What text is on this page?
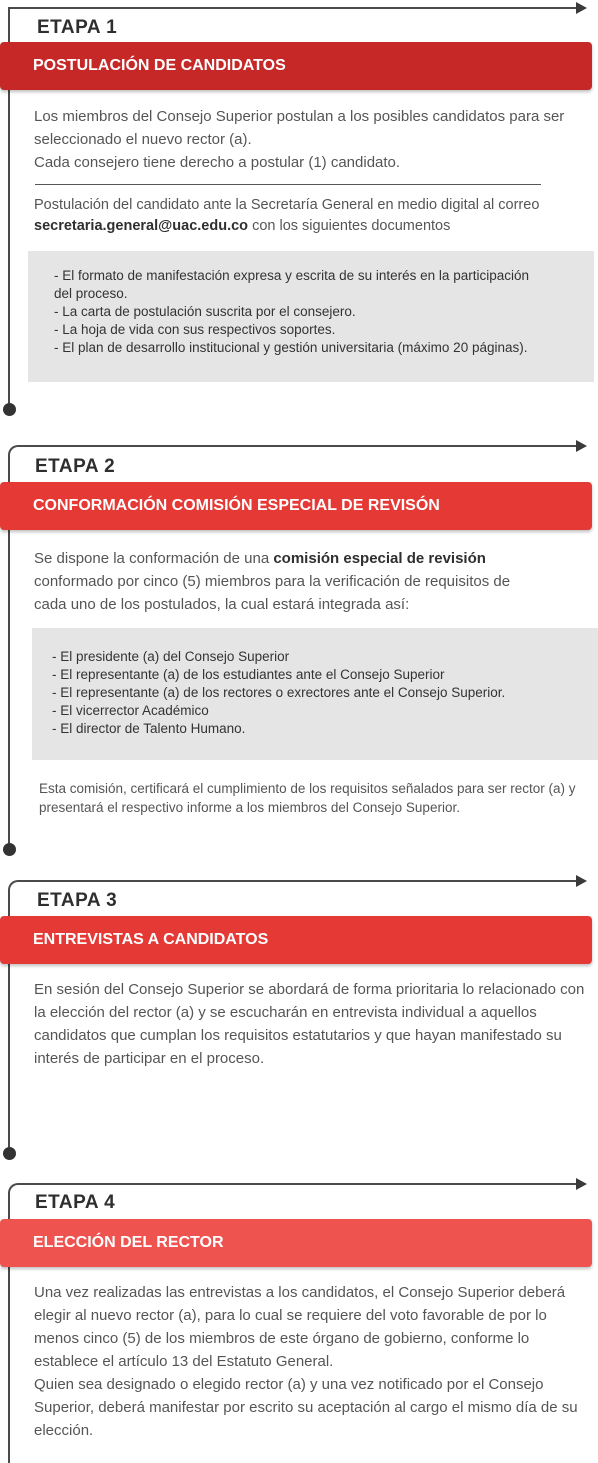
ETAPA 1
POSTULACIÓN DE CANDIDATOS

Los miembros del Consejo Superior postulan a los posibles candidatos para ser seleccionado el nuevo rector (a).

Cada consejero tiene derecho a postular (1) candidato.

Postulación del candidato ante la Secretaría General en medio digital al correo secretaria.general@uac.edu.co con los siguientes documentos
- El formato de manifestación expresa y escrita de su interés en la participación
del proceso.
- La carta de postulación suscrita por el consejero.
- La hoja de vida con sus respectivos soportes.
- El plan de desarrollo institucional y gestión universitaria (máximo 20 páginas).
ETAPA 2
CONFORMACIÓN COMISIÓN ESPECIAL DE REVISÓN
Se dispone la conformación de una comisión especial de revisión conformado por cinco (5) miembros para la verificación de requisitos de cada uno de los postulados, la cual estará integrada así:
- El presidente (a) del Consejo Superior
- El representante (a) de los estudiantes ante el Consejo Superior
- El representante (a) de los rectores o exrectores ante el Consejo Superior.
- El vicerrector Académico
- El director de Talento Humano.
Esta comisión, certificará el cumplimiento de los requisitos señalados para ser rector (a) y presentará el respectivo informe a los miembros del Consejo Superior.
ETAPA 3
ENTREVISTAS A CANDIDATOS

En sesión del Consejo Superior se abordará de forma prioritaria lo relacionado con la elección del rector (a) y se escucharán en entrevista individual a aquellos candidatos que cumplan los requisitos estatutarios y que hayan manifestado su interés de participar en el proceso.

ETAPA 4
ELECCIÓN DEL RECTOR

Una vez realizadas las entrevistas a los candidatos, el Consejo Superior deberá elegir al nuevo rector (a), para lo cual se requiere del voto favorable de por lo menos cinco (5) de los miembros de este órgano de gobierno, conforme lo establece el artículo 13 del Estatuto General.

Quien sea designado o elegido rector (a) y una vez notificado por el Consejo Superior, deberá manifestar por escrito su aceptación al cargo el mismo día de su elección.
